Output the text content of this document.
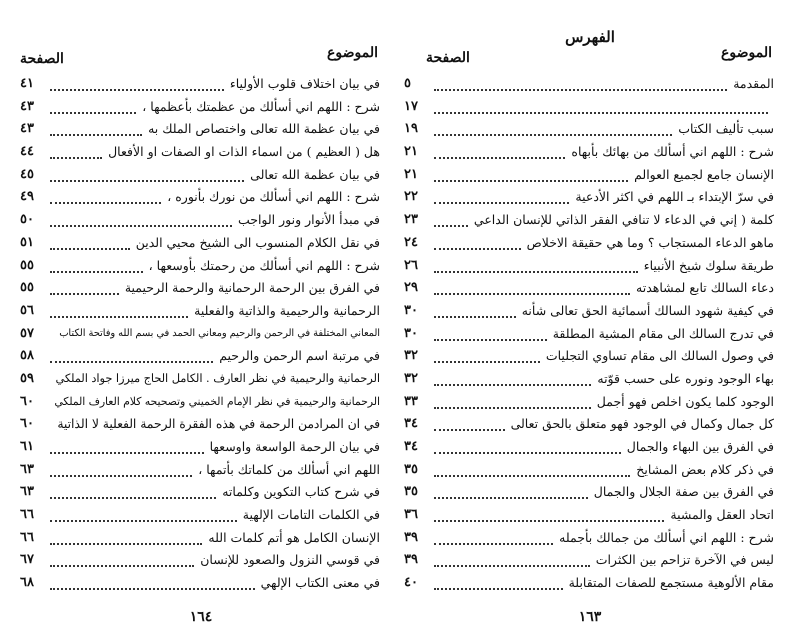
الموضوع
الصفحة
في بيان اختلاف قلوب الأولياء
٤١
شرح : اللهم اني أسألك من عظمتك بأعظمها ،
٤٣
في بيان عظمة الله تعالى واختصاص الملك به
٤٣
هل ( العظيم ) من اسماء الذات او الصفات او الأفعال
٤٤
في بيان عظمة الله تعالى
٤٥
شرح : اللهم اني أسألك من نورك بأنوره ،
٤٩
في مبدأ الأنوار ونور الواجب
٥٠
في نقل الكلام المنسوب الى الشيخ محيي الدين
٥١
شرح : اللهم اني أسألك من رحمتك بأوسعها ،
٥٥
في الفرق بين الرحمة الرحمانية والرحمة الرحيمية
٥٥
الرحمانية والرحيمية والذاتية والفعلية
٥٦
المعاني المختلفة في الرحمن والرحيم ومعاني الحمد في بسم الله وفاتحة الكتاب
٥٧
في مرتبة اسم الرحمن والرحيم
٥٨
الرحمانية والرحيمية في نظر العارف . الكامل الحاج ميرزا جواد الملكي
٥٩
الرحمانية والرحيمية في نظر الإمام الخميني وتصحيحه كلام العارف الملكي
٦٠
في ان المرادمن الرحمة في هذه الفقرة الرحمة الفعلية لا الذاتية
٦٠
في بيان الرحمة الواسعة واوسعها
٦١
اللهم اني أسألك من كلماتك بأتمها ،
٦٣
في شرح كتاب التكوين وكلماته
٦٣
في الكلمات التامات الإلهية
٦٦
الإنسان الكامل هو أتم كلمات الله
٦٦
في قوسي النزول والصعود للإنسان
٦٧
في معنى الكتاب الإلهي
٦٨
١٦٤
الفهرس
الموضوع
الصفحة
المقدمة
٥
١٧
سبب تأليف الكتاب
١٩
شرح : اللهم اني أسألك من بهائك بأبهاه
٢١
الإنسان جامع لجميع العوالم
٢١
في سرّ الإبتداء بـ اللهم في اكثر الأدعية
٢٢
كلمة ( إني في الدعاء لا تنافي الفقر الذاتي للإنسان الداعي
٢٣
ماهو الدعاء المستجاب ؟ وما هي حقيقة الاخلاص
٢٤
طريقة سلوك شيخ الأنبياء
٢٦
دعاء السالك تابع لمشاهدته
٢٩
في كيفية شهود السالك أسمائية الحق تعالى شأنه
٣٠
في تدرج السالك الى مقام المشية المطلقة
٣٠
في وصول السالك الى مقام تساوي التجليات
٣٢
بهاء الوجود ونوره على حسب قوّته
٣٢
الوجود كلما يكون اخلص فهو أجمل
٣٣
كل جمال وكمال في الوجود فهو متعلق بالحق تعالى
٣٤
في الفرق بين البهاء والجمال
٣٤
في ذكر كلام بعض المشايخ
٣٥
في الفرق بين صفة الجلال والجمال
٣٥
اتحاد العقل والمشية
٣٦
شرح : اللهم اني أسألك من جمالك بأجمله
٣٩
ليس في الآخرة تزاحم بين الكثرات
٣٩
مقام الألوهية مستجمع للصفات المتقابلة
٤٠
١٦٣
